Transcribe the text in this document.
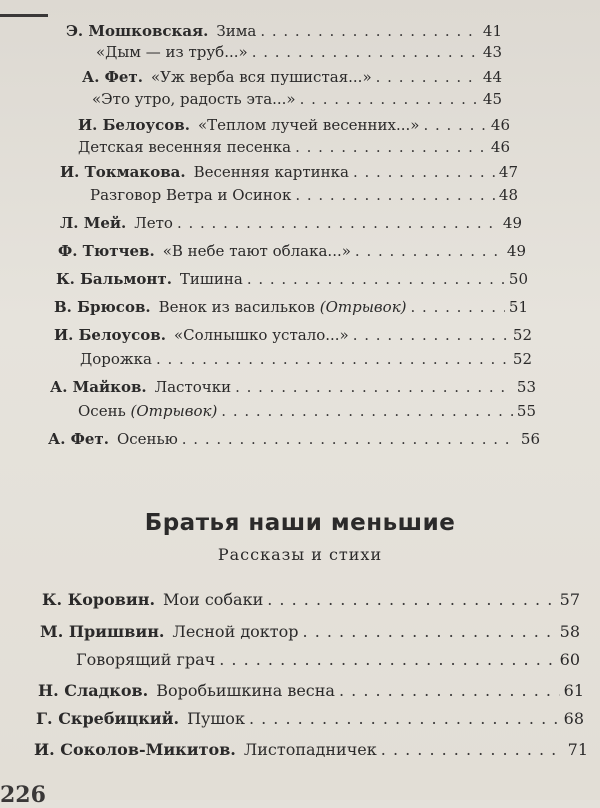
Э. Мошковская. Зима . . .	41
«Дым — из труб...» . . .	43
А. Фет. «Уж верба вся пушистая...» . . .	44
«Это утро, радость эта...» . . .	45
И. Белоусов. «Теплом лучей весенних...» . . .	46
Детская весенняя песенка . . .	46
И. Токмакова. Весенняя картинка . . .	47
Разговор Ветра и Осинок . . .	48
Л. Мей. Лето . . .	49
Ф. Тютчев. «В небе тают облака...» . . .	49
К. Бальмонт. Тишина . . .	50
В. Брюсов. Венок из васильков (Отрывок) . . .	51
И. Белоусов. «Солнышко устало...» . . .	52
Дорожка . . .	52
А. Майков. Ласточки . . .	53
Осень (Отрывок) . . .	55
А. Фет. Осенью . . .	56
Братья наши меньшие
Рассказы и стихи
К. Коровин. Мои собаки . . .	57
М. Пришвин. Лесной доктор . . .	58
Говорящий грач . . .	60
Н. Сладков. Воробьишкина весна . . .	61
Г. Скребицкий. Пушок . . .	68
И. Соколов-Микитов. Листопадничек . . .	71
226
